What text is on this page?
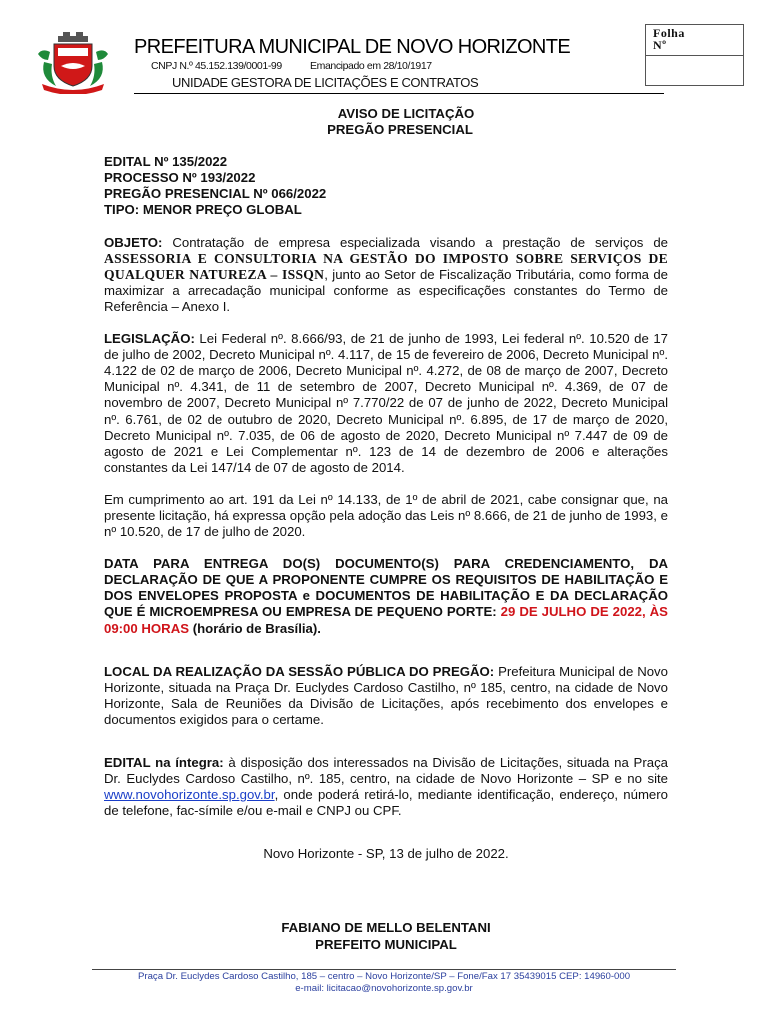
PREFEITURA MUNICIPAL DE NOVO HORIZONTE
CNPJ N.º 45.152.139/0001-99	Emancipado em 28/10/1917
UNIDADE GESTORA DE LICITAÇÕES E CONTRATOS
Folha
Nº
AVISO DE LICITAÇÃO
PREGÃO PRESENCIAL
EDITAL Nº 135/2022
PROCESSO Nº 193/2022
PREGÃO PRESENCIAL Nº 066/2022
TIPO: MENOR PREÇO GLOBAL

OBJETO: Contratação de empresa especializada visando a prestação de serviços de ASSESSORIA E CONSULTORIA NA GESTÃO DO IMPOSTO SOBRE SERVIÇOS DE QUALQUER NATUREZA – ISSQN, junto ao Setor de Fiscalização Tributária, como forma de maximizar a arrecadação municipal conforme as especificações constantes do Termo de Referência – Anexo I.

LEGISLAÇÃO: Lei Federal nº. 8.666/93, de 21 de junho de 1993, Lei federal nº. 10.520 de 17 de julho de 2002, Decreto Municipal nº. 4.117, de 15 de fevereiro de 2006, Decreto Municipal nº. 4.122 de 02 de março de 2006, Decreto Municipal nº. 4.272, de 08 de março de 2007, Decreto Municipal nº. 4.341, de 11 de setembro de 2007, Decreto Municipal nº. 4.369, de 07 de novembro de 2007, Decreto Municipal nº 7.770/22 de 07 de junho de 2022, Decreto Municipal nº. 6.761, de 02 de outubro de 2020, Decreto Municipal nº. 6.895, de 17 de março de 2020, Decreto Municipal nº. 7.035, de 06 de agosto de 2020, Decreto Municipal nº 7.447 de 09 de agosto de 2021 e Lei Complementar nº. 123 de 14 de dezembro de 2006 e alterações constantes da Lei 147/14 de 07 de agosto de 2014.

Em cumprimento ao art. 191 da Lei nº 14.133, de 1º de abril de 2021, cabe consignar que, na presente licitação, há expressa opção pela adoção das Leis nº 8.666, de 21 de junho de 1993, e nº 10.520, de 17 de julho de 2020.

DATA PARA ENTREGA DO(S) DOCUMENTO(S) PARA CREDENCIAMENTO, DA DECLARAÇÃO DE QUE A PROPONENTE CUMPRE OS REQUISITOS DE HABILITAÇÃO E DOS ENVELOPES PROPOSTA e DOCUMENTOS DE HABILITAÇÃO E DA DECLARAÇÃO QUE É MICROEMPRESA OU EMPRESA DE PEQUENO PORTE: 29 DE JULHO DE 2022, ÀS 09:00 HORAS (horário de Brasília).

LOCAL DA REALIZAÇÃO DA SESSÃO PÚBLICA DO PREGÃO: Prefeitura Municipal de Novo Horizonte, situada na Praça Dr. Euclydes Cardoso Castilho, nº 185, centro, na cidade de Novo Horizonte, Sala de Reuniões da Divisão de Licitações, após recebimento dos envelopes e documentos exigidos para o certame.

EDITAL na íntegra: à disposição dos interessados na Divisão de Licitações, situada na Praça Dr. Euclydes Cardoso Castilho, nº. 185, centro, na cidade de Novo Horizonte – SP e no site www.novohorizonte.sp.gov.br, onde poderá retirá-lo, mediante identificação, endereço, número de telefone, fac-símile e/ou e-mail e CNPJ ou CPF.

Novo Horizonte - SP, 13 de julho de 2022.
FABIANO DE MELLO BELENTANI
PREFEITO MUNICIPAL
Praça Dr. Euclydes Cardoso Castilho, 185 – centro – Novo Horizonte/SP – Fone/Fax 17 35439015 CEP: 14960-000
e-mail: licitacao@novohorizonte.sp.gov.br
